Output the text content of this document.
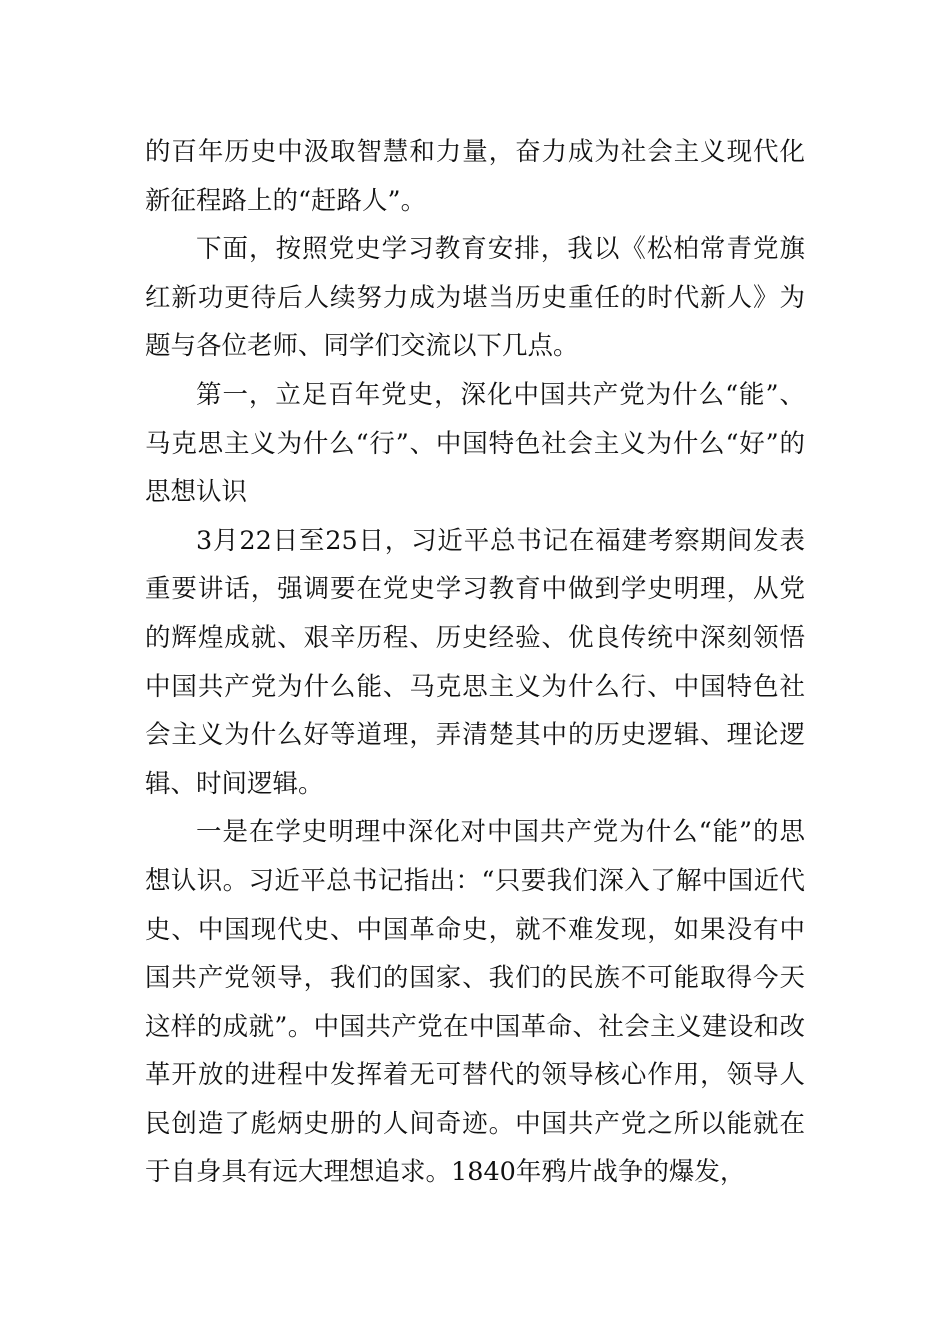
的百年历史中汲取智慧和力量，奋力成为社会主义现代化新征程路上的“赶路人”。

下面，按照党史学习教育安排，我以《松柏常青党旗红新功更待后人续努力成为堪当历史重任的时代新人》为题与各位老师、同学们交流以下几点。

第一，立足百年党史，深化中国共产党为什么“能”、马克思主义为什么“行”、中国特色社会主义为什么“好”的思想认识

3月22日至25日，习近平总书记在福建考察期间发表重要讲话，强调要在党史学习教育中做到学史明理，从党的辉煌成就、艰辛历程、历史经验、优良传统中深刻领悟中国共产党为什么能、马克思主义为什么行、中国特色社会主义为什么好等道理，弄清楚其中的历史逻辑、理论逻辑、时间逻辑。

一是在学史明理中深化对中国共产党为什么“能”的思想认识。习近平总书记指出：“只要我们深入了解中国近代史、中国现代史、中国革命史，就不难发现，如果没有中国共产党领导，我们的国家、我们的民族不可能取得今天这样的成就”。中国共产党在中国革命、社会主义建设和改革开放的进程中发挥着无可替代的领导核心作用，领导人民创造了彪炳史册的人间奇迹。中国共产党之所以能就在于自身具有远大理想追求。1840年鸦片战争的爆发，
